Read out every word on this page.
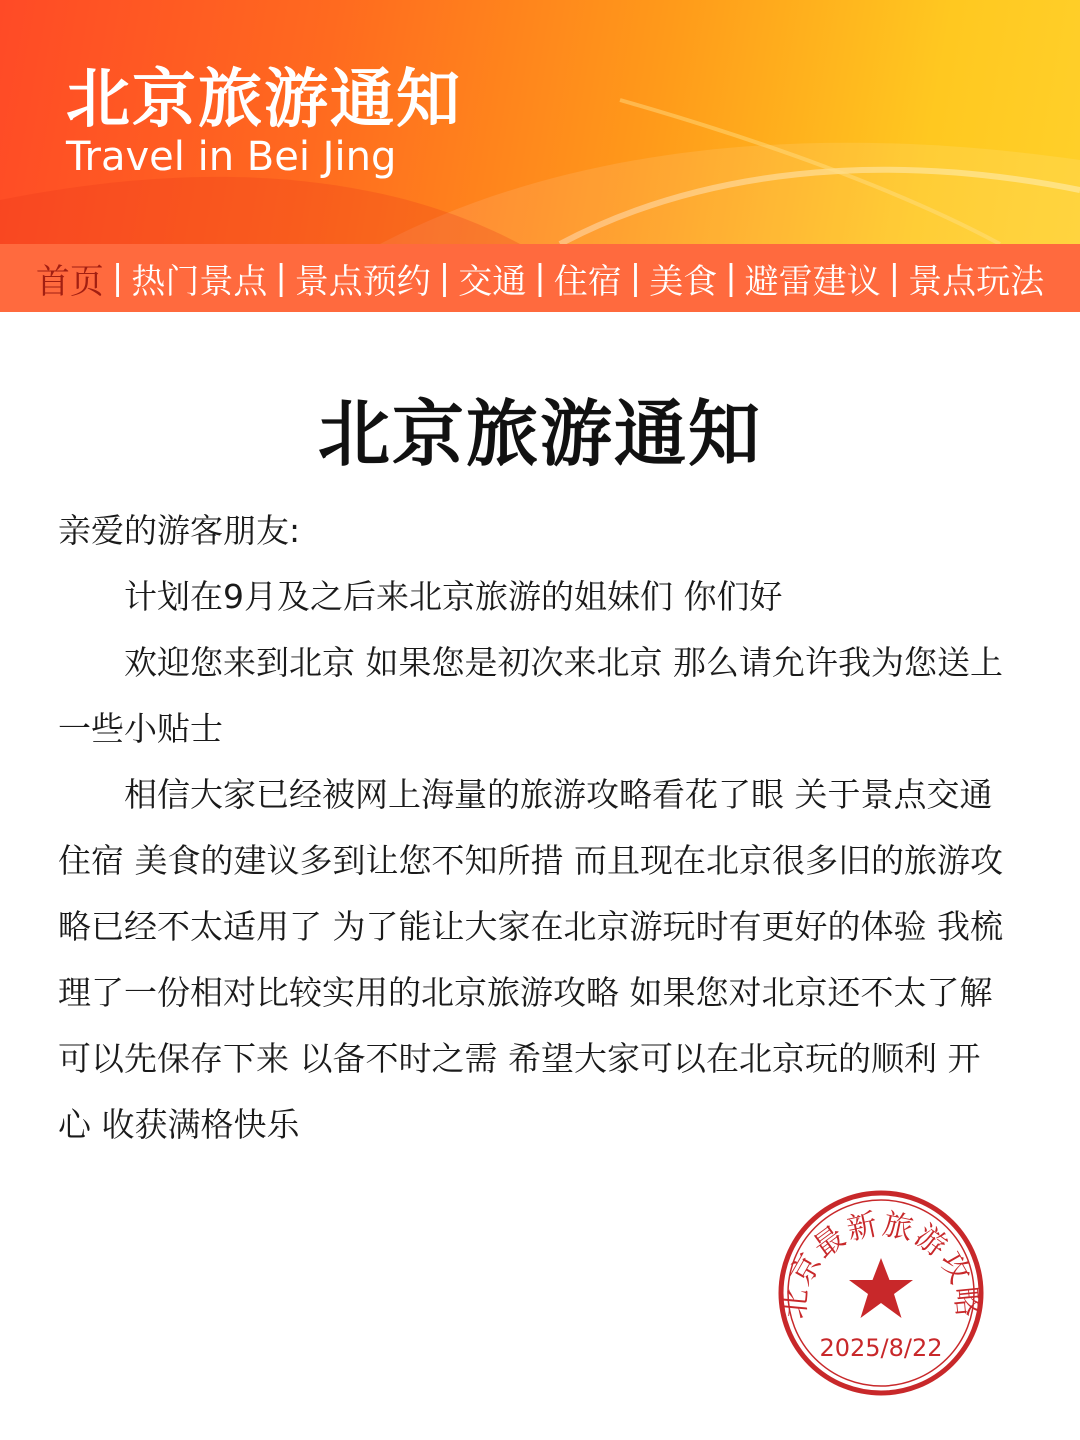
北京旅游通知
Travel in Bei Jing
首页 | 热门景点 | 景点预约 | 交通 | 住宿 | 美食 | 避雷建议 | 景点玩法
北京旅游通知

亲爱的游客朋友:

计划在9月及之后来北京旅游的姐妹们 你们好

欢迎您来到北京 如果您是初次来北京 那么请允许我为您送上一些小贴士

相信大家已经被网上海量的旅游攻略看花了眼 关于景点交通 住宿 美食的建议多到让您不知所措 而且现在北京很多旧的旅游攻略已经不太适用了 为了能让大家在北京游玩时有更好的体验 我梳理了一份相对比较实用的北京旅游攻略 如果您对北京还不太了解 可以先保存下来 以备不时之需 希望大家可以在北京玩的顺利 开心 收获满格快乐

北京最新旅游攻略
2025/8/22
